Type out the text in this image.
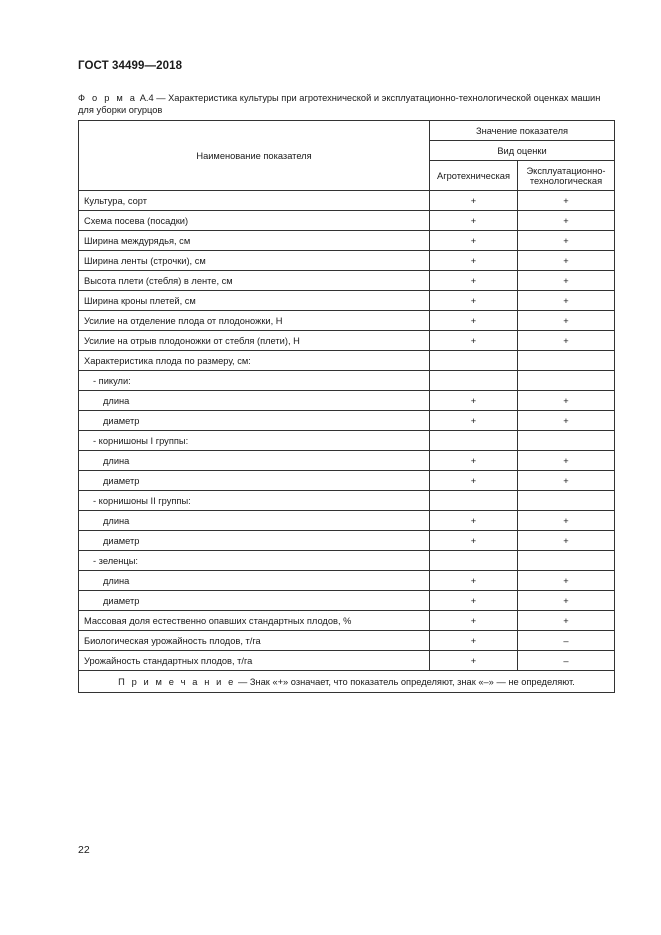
ГОСТ 34499—2018
Ф о р м а А.4 — Характеристика культуры при агротехнической и эксплуатационно-технологической оценках машин для уборки огурцов
Наименование показателя	Значение показателя	
	Вид оценки	
	Агротехническая	Эксплуатационно-технологическая
Культура, сорт	+	+
Схема посева (посадки)	+	+
Ширина междурядья, см	+	+
Ширина ленты (строчки), см	+	+
Высота плети (стебля) в ленте, см	+	+
Ширина кроны плетей, см	+	+
Усилие на отделение плода от плодоножки, Н	+	+
Усилие на отрыв плодоножки от стебля (плети), Н	+	+
Характеристика плода по размеру, см:		
- пикули:		
длина	+	+
диаметр	+	+
- корнишоны I группы:		
длина	+	+
диаметр	+	+
- корнишоны II группы:		
длина	+	+
диаметр	+	+
- зеленцы:		
длина	+	+
диаметр	+	+
Массовая доля естественно опавших стандартных плодов, %	+	+
Биологическая урожайность плодов, т/га	+	–
Урожайность стандартных плодов, т/га	+	–
П р и м е ч а н и е — Знак «+» означает, что показатель определяют, знак «–» — не определяют.		
22
